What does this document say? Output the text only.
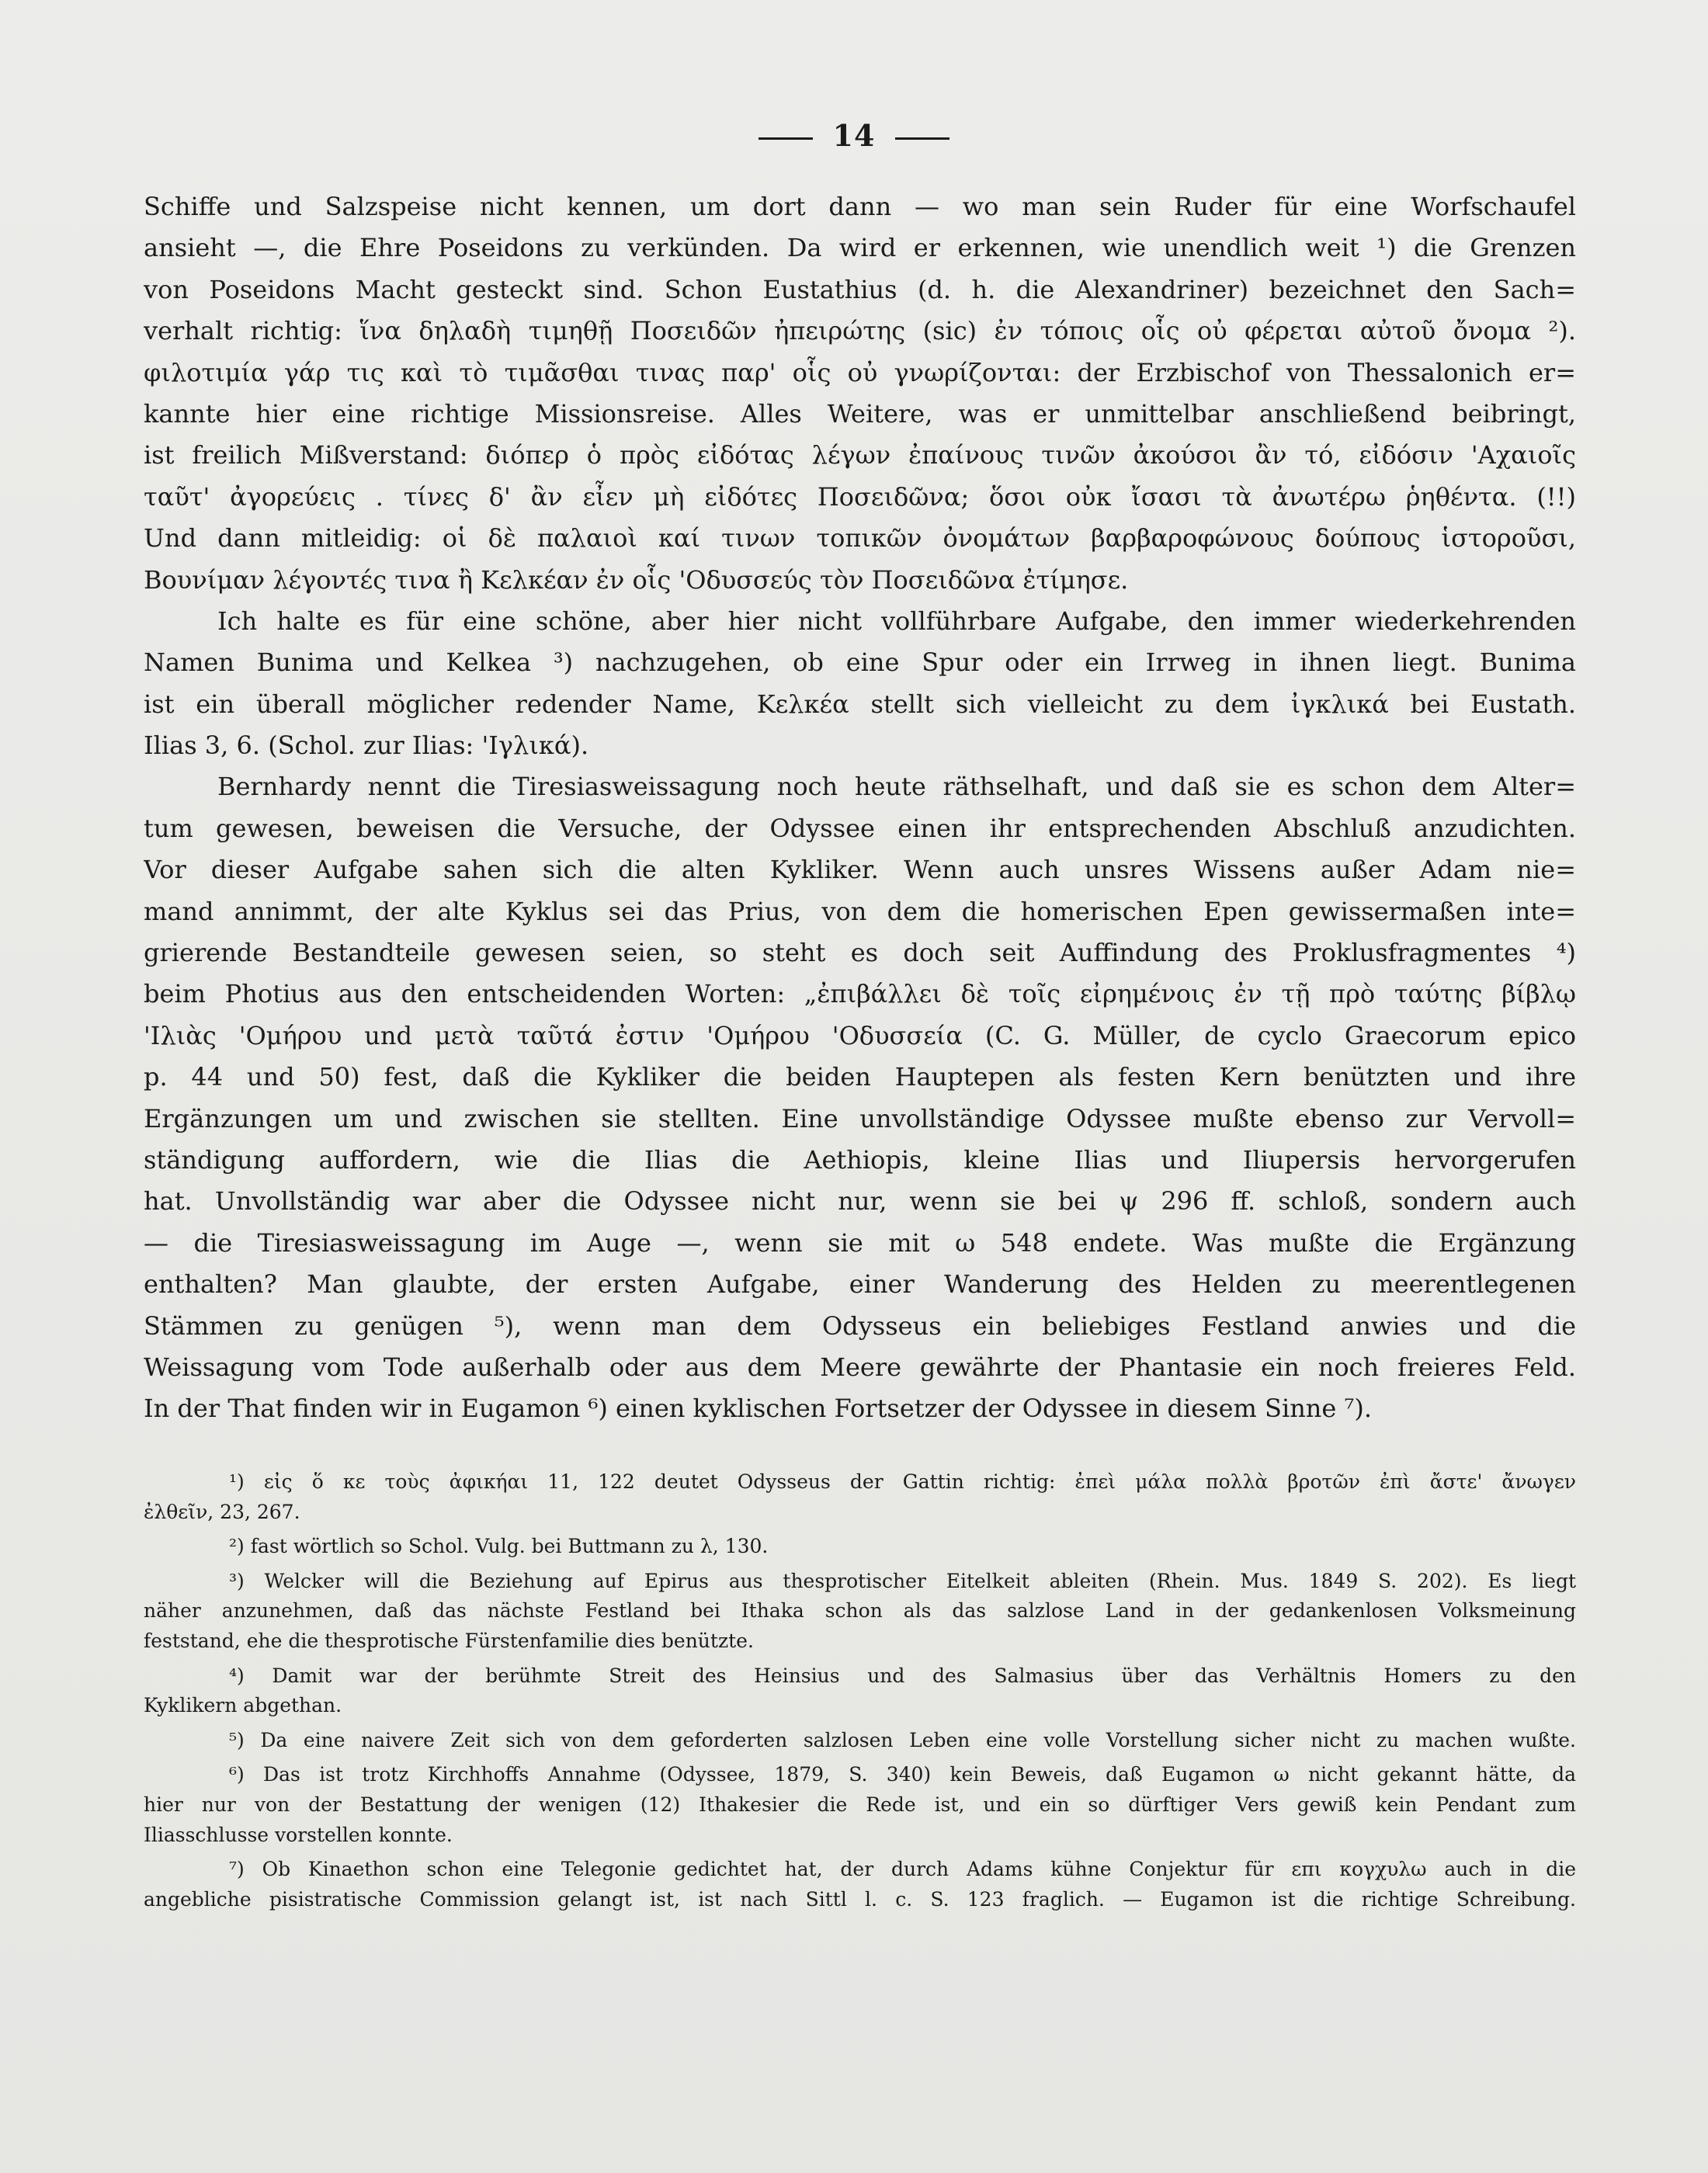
14
Schiffe und Salzspeise nicht kennen, um dort dann — wo man sein Ruder für eine Worfschaufel
ansieht —, die Ehre Poseidons zu verkünden. Da wird er erkennen, wie unendlich weit ¹) die Grenzen
von Poseidons Macht gesteckt sind. Schon Eustathius (d. h. die Alexandriner) bezeichnet den Sach=
verhalt richtig: ἵνα δηλαδὴ τιμηθῇ Ποσειδῶν ἠπειρώτης (sic) ἐν τόποις οἷς οὐ φέρεται αὐτοῦ ὄνομα ²).
φιλοτιμία γάρ τις καὶ τὸ τιμᾶσθαι τινας παρ' οἷς οὐ γνωρίζονται: der Erzbischof von Thessalonich er=
kannte hier eine richtige Missionsreise. Alles Weitere, was er unmittelbar anschließend beibringt,
ist freilich Mißverstand: διόπερ ὁ πρὸς εἰδότας λέγων ἐπαίνους τινῶν ἀκούσοι ἂν τό, εἰδόσιν 'Αχαιοῖς
ταῦτ' ἀγορεύεις . τίνες δ' ἂν εἶεν μὴ εἰδότες Ποσειδῶνα; ὅσοι οὐκ ἴσασι τὰ ἀνωτέρω ῥηθέντα. (!!)
Und dann mitleidig: οἱ δὲ παλαιοὶ καί τινων τοπικῶν ὀνομάτων βαρβαροφώνους δούπους ἱστοροῦσι,
Βουνίμαν λέγοντές τινα ἢ Κελκέαν ἐν οἷς 'Οδυσσεύς τὸν Ποσειδῶνα ἐτίμησε.
Ich halte es für eine schöne, aber hier nicht vollführbare Aufgabe, den immer wiederkehrenden
Namen Bunima und Kelkea ³) nachzugehen, ob eine Spur oder ein Irrweg in ihnen liegt. Bunima
ist ein überall möglicher redender Name, Κελκέα stellt sich vielleicht zu dem ἰγκλικά bei Eustath.
Ilias 3, 6. (Schol. zur Ilias: 'Ιγλικά).
Bernhardy nennt die Tiresiasweissagung noch heute räthselhaft, und daß sie es schon dem Alter=
tum gewesen, beweisen die Versuche, der Odyssee einen ihr entsprechenden Abschluß anzudichten.
Vor dieser Aufgabe sahen sich die alten Kykliker. Wenn auch unsres Wissens außer Adam nie=
mand annimmt, der alte Kyklus sei das Prius, von dem die homerischen Epen gewissermaßen inte=
grierende Bestandteile gewesen seien, so steht es doch seit Auffindung des Proklusfragmentes ⁴)
beim Photius aus den entscheidenden Worten: „ἐπιβάλλει δὲ τοῖς εἰρημένοις ἐν τῇ πρὸ ταύτης βίβλῳ
'Ιλιὰς 'Ομήρου und μετὰ ταῦτά ἐστιν 'Ομήρου 'Οδυσσεία (C. G. Müller, de cyclo Graecorum epico
p. 44 und 50) fest, daß die Kykliker die beiden Hauptepen als festen Kern benützten und ihre
Ergänzungen um und zwischen sie stellten. Eine unvollständige Odyssee mußte ebenso zur Vervoll=
ständigung auffordern, wie die Ilias die Aethiopis, kleine Ilias und Iliupersis hervorgerufen
hat. Unvollständig war aber die Odyssee nicht nur, wenn sie bei ψ 296 ff. schloß, sondern auch
— die Tiresiasweissagung im Auge —, wenn sie mit ω 548 endete. Was mußte die Ergänzung
enthalten? Man glaubte, der ersten Aufgabe, einer Wanderung des Helden zu meerentlegenen
Stämmen zu genügen ⁵), wenn man dem Odysseus ein beliebiges Festland anwies und die
Weissagung vom Tode außerhalb oder aus dem Meere gewährte der Phantasie ein noch freieres Feld.
In der That finden wir in Eugamon ⁶) einen kyklischen Fortsetzer der Odyssee in diesem Sinne ⁷).
¹) εἰς ὅ κε τοὺς ἀφικήαι 11, 122 deutet Odysseus der Gattin richtig: ἐπεὶ μάλα πολλὰ βροτῶν ἐπὶ ἄστε' ἄνωγεν
ἐλθεῖν, 23, 267.
²) fast wörtlich so Schol. Vulg. bei Buttmann zu λ, 130.
³) Welcker will die Beziehung auf Epirus aus thesprotischer Eitelkeit ableiten (Rhein. Mus. 1849 S. 202). Es liegt
näher anzunehmen, daß das nächste Festland bei Ithaka schon als das salzlose Land in der gedankenlosen Volksmeinung
feststand, ehe die thesprotische Fürstenfamilie dies benützte.
⁴) Damit war der berühmte Streit des Heinsius und des Salmasius über das Verhältnis Homers zu den
Kyklikern abgethan.
⁵) Da eine naivere Zeit sich von dem geforderten salzlosen Leben eine volle Vorstellung sicher nicht zu machen wußte.
⁶) Das ist trotz Kirchhoffs Annahme (Odyssee, 1879, S. 340) kein Beweis, daß Eugamon ω nicht gekannt hätte, da
hier nur von der Bestattung der wenigen (12) Ithakesier die Rede ist, und ein so dürftiger Vers gewiß kein Pendant zum
Iliasschlusse vorstellen konnte.
⁷) Ob Kinaethon schon eine Telegonie gedichtet hat, der durch Adams kühne Conjektur für επι κογχυλω auch in die
angebliche pisistratische Commission gelangt ist, ist nach Sittl l. c. S. 123 fraglich. — Eugamon ist die richtige Schreibung.
